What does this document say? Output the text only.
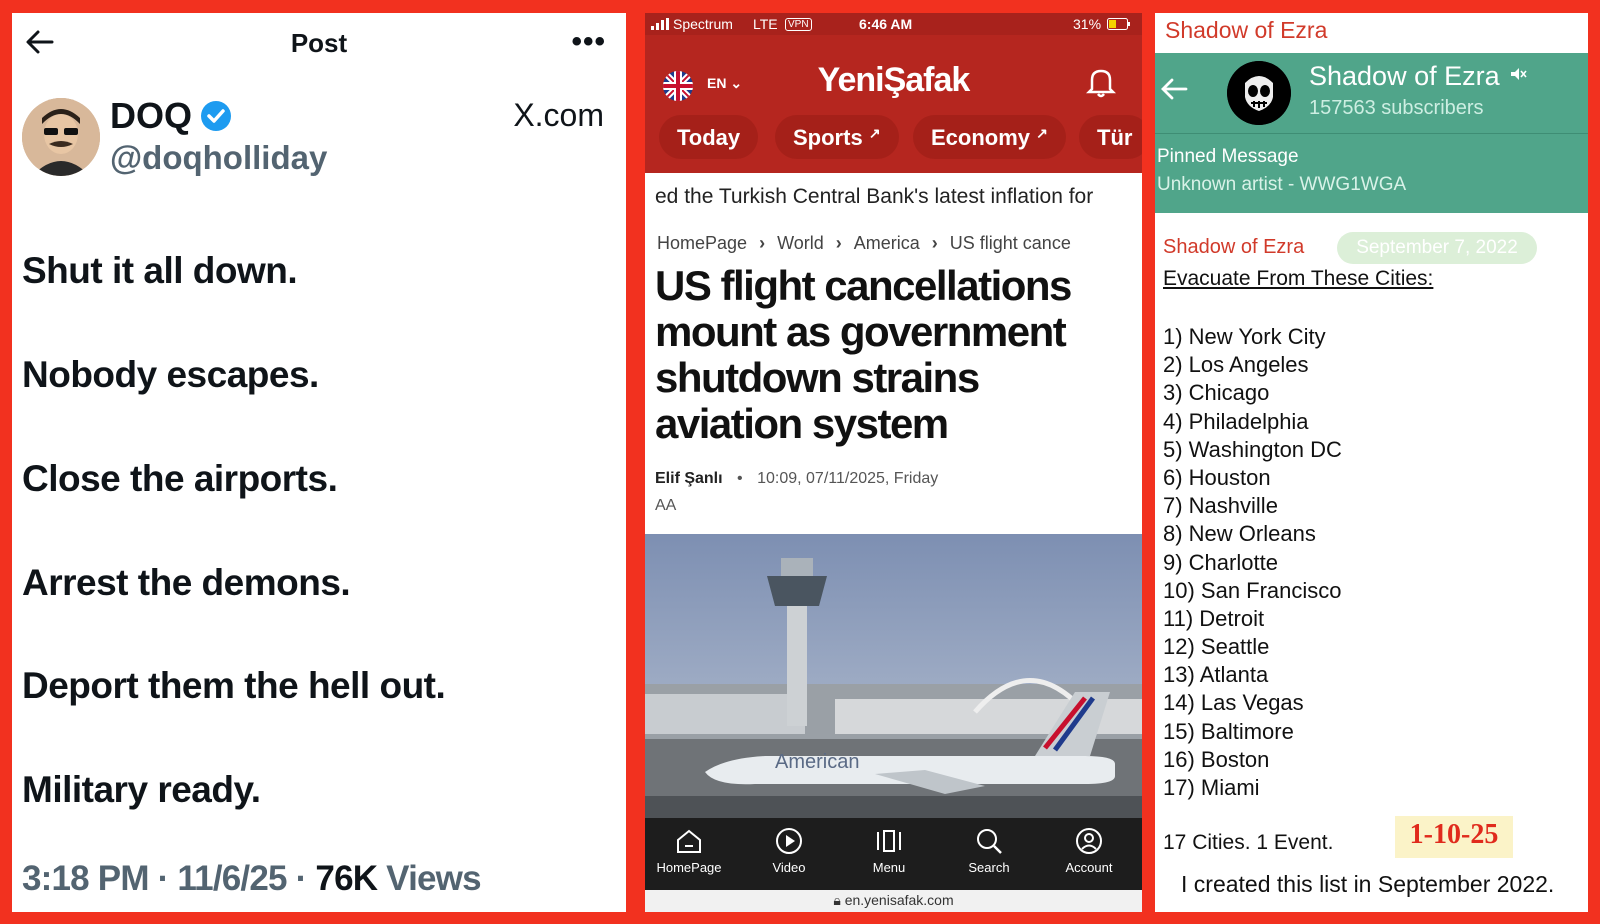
Post	•••
DOQ
@doqholliday
X.com
Shut it all down.
Nobody escapes.
Close the airports.
Arrest the demons.
Deport them the hell out.
Military ready.
3:18 PM · 11/6/25 · 76K Views
Spectrum LTE	VPN	6:46 AM	31%
EN ⌄	YeniŞafak
Today	Sports ↗	Economy ↗	Tür
ed the Turkish Central Bank's latest inflation for
HomePage › World › America › US flight cance
US flight cancellations mount as government shutdown strains aviation system
Elif Şanlı • 10:09, 07/11/2025, Friday
AA
American
HomePage	Video	Menu	Search	Account
🔒︎ en.yenisafak.com
Shadow of Ezra
Shadow of Ezra
157563 subscribers
Pinned Message
Unknown artist - WWG1WGA
Shadow of Ezra	September 7, 2022
Evacuate From These Cities:
1) New York City
2) Los Angeles
3) Chicago
4) Philadelphia
5) Washington DC
6) Houston
7) Nashville
8) New Orleans
9) Charlotte
10) San Francisco
11) Detroit
12) Seattle
13) Atlanta
14) Las Vegas
15) Baltimore
16) Boston
17) Miami
17 Cities. 1 Event.	1-10-25
I created this list in September 2022.
